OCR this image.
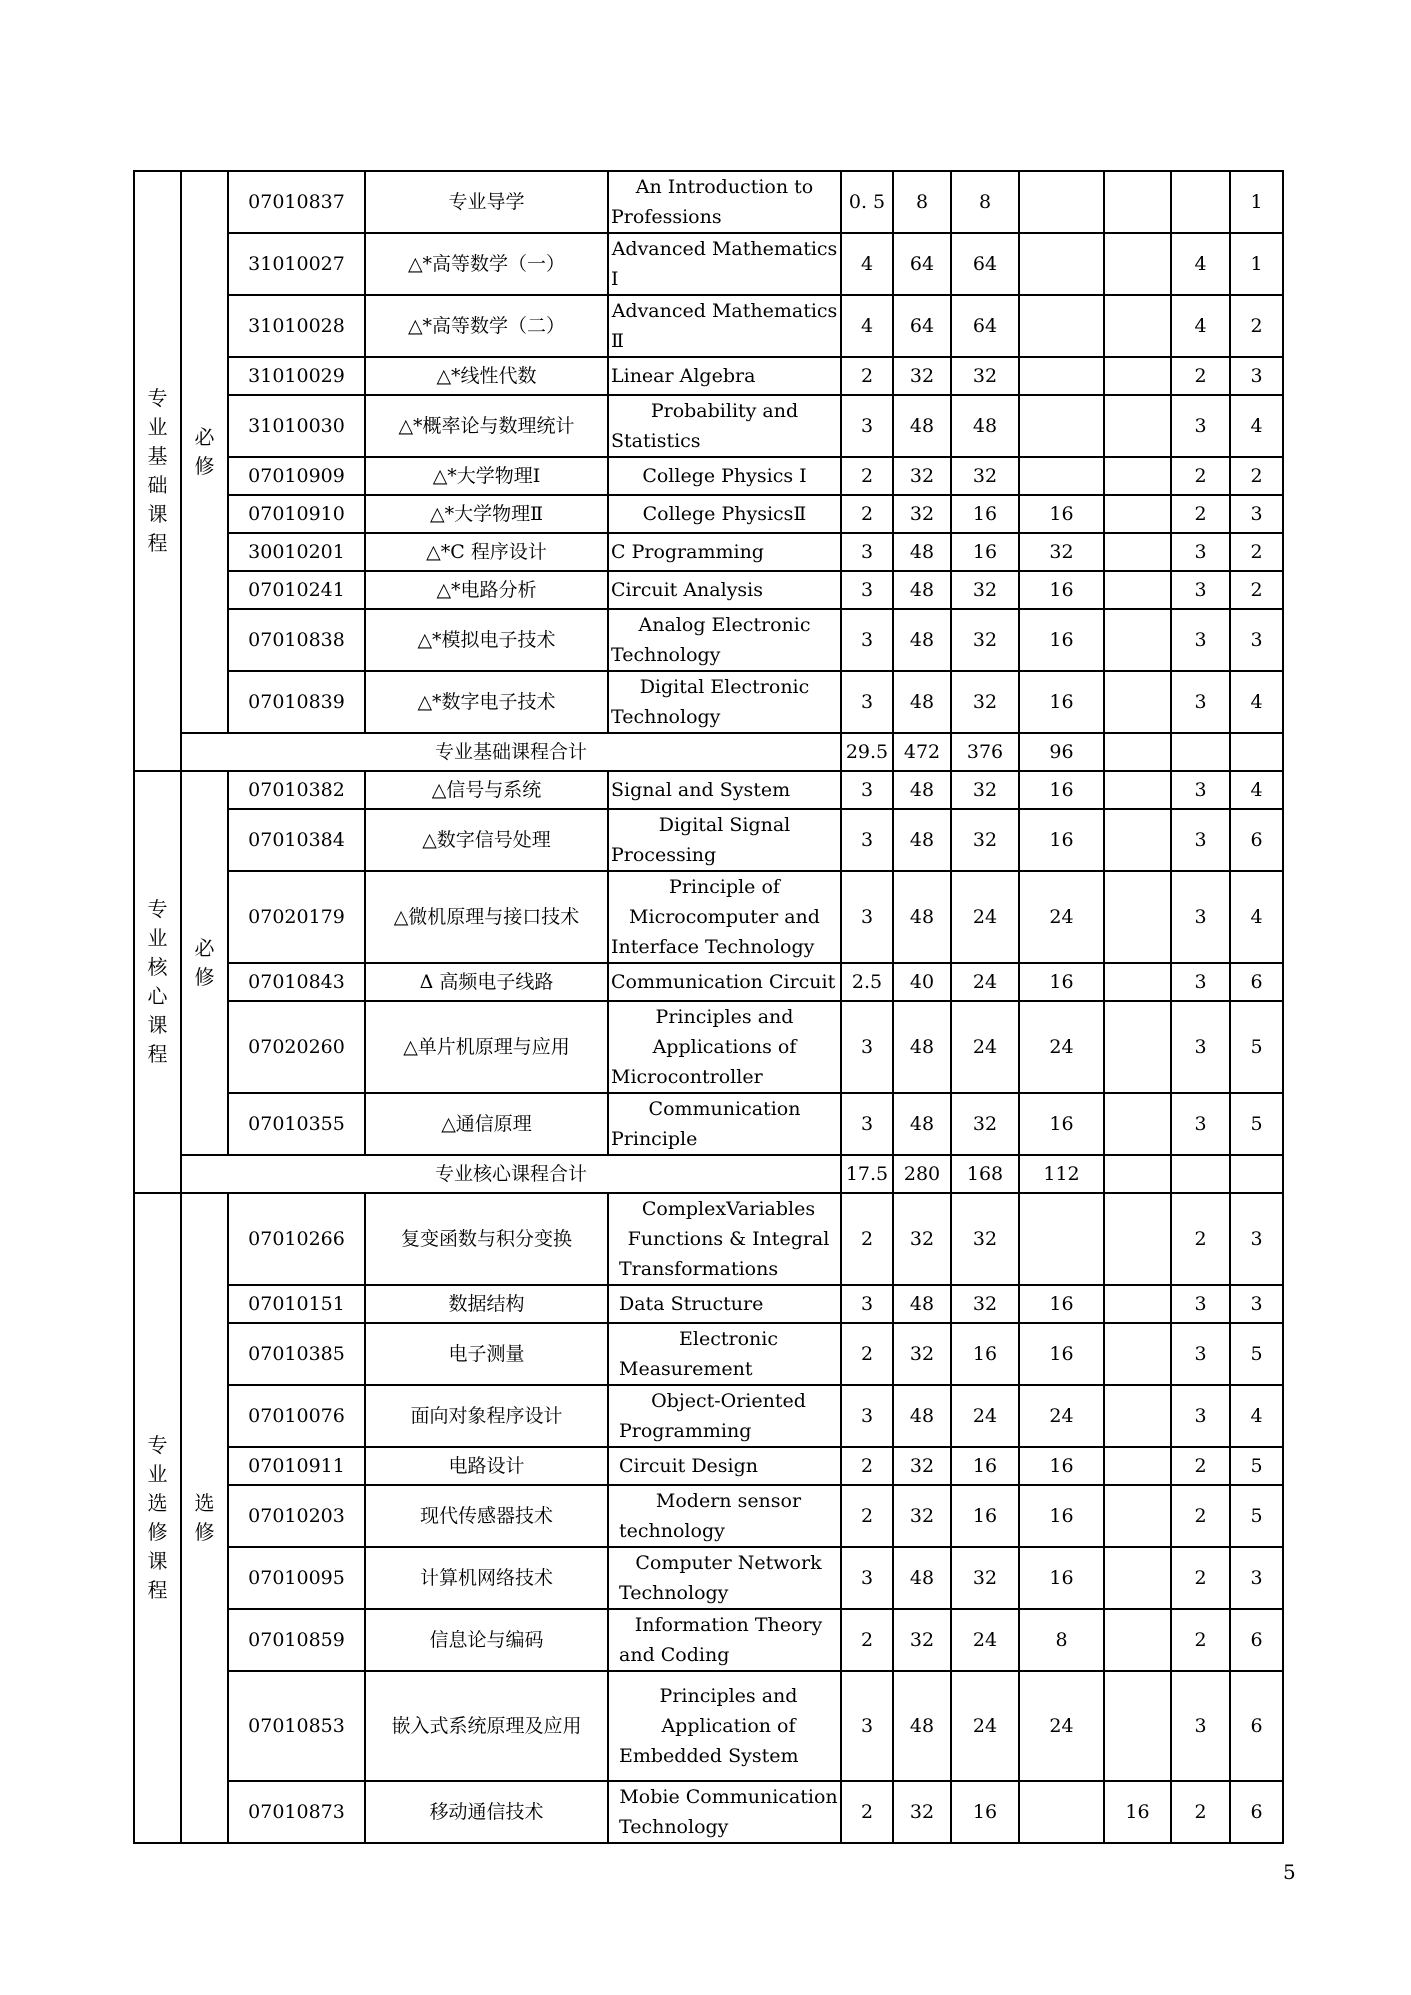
专业基础课程	必修	07010837	专业导学	An Introduction to Professions	0. 5	8	8				1
		31010027	△*高等数学（一）	Advanced Mathematics Ⅰ	4	64	64			4	1
		31010028	△*高等数学（二）	Advanced Mathematics Ⅱ	4	64	64			4	2
		31010029	△*线性代数	Linear Algebra	2	32	32			2	3
		31010030	△*概率论与数理统计	Probability and Statistics	3	48	48			3	4
		07010909	△*大学物理Ⅰ	College Physics Ⅰ	2	32	32			2	2
		07010910	△*大学物理Ⅱ	College PhysicsⅡ	2	32	16	16		2	3
		30010201	△*C 程序设计	C Programming	3	48	16	32		3	2
		07010241	△*电路分析	Circuit Analysis	3	48	32	16		3	2
		07010838	△*模拟电子技术	Analog Electronic Technology	3	48	32	16		3	3
		07010839	△*数字电子技术	Digital Electronic Technology	3	48	32	16		3	4
	专业基础课程合计				29.5	472	376	96			
专业核心课程	必修	07010382	△信号与系统	Signal and System	3	48	32	16		3	4
		07010384	△数字信号处理	Digital Signal Processing	3	48	32	16		3	6
		07020179	△微机原理与接口技术	Principle of Microcomputer and Interface Technology	3	48	24	24		3	4
		07010843	Δ 高频电子线路	Communication Circuit	2.5	40	24	16		3	6
		07020260	△单片机原理与应用	Principles and Applications of Microcontroller	3	48	24	24		3	5
		07010355	△通信原理	Communication Principle	3	48	32	16		3	5
	专业核心课程合计				17.5	280	168	112			
专业选修课程	选修	07010266	复变函数与积分变换	ComplexVariables Functions & Integral Transformations	2	32	32			2	3
		07010151	数据结构	Data Structure	3	48	32	16		3	3
		07010385	电子测量	Electronic Measurement	2	32	16	16		3	5
		07010076	面向对象程序设计	Object-Oriented Programming	3	48	24	24		3	4
		07010911	电路设计	Circuit Design	2	32	16	16		2	5
		07010203	现代传感器技术	Modern sensor technology	2	32	16	16		2	5
		07010095	计算机网络技术	Computer Network Technology	3	48	32	16		2	3
		07010859	信息论与编码	Information Theory and Coding	2	32	24	8		2	6
		07010853	嵌入式系统原理及应用	Principles and Application of Embedded System	3	48	24	24		3	6
		07010873	移动通信技术	Mobie Communication Technology	2	32	16		16	2	6
5
